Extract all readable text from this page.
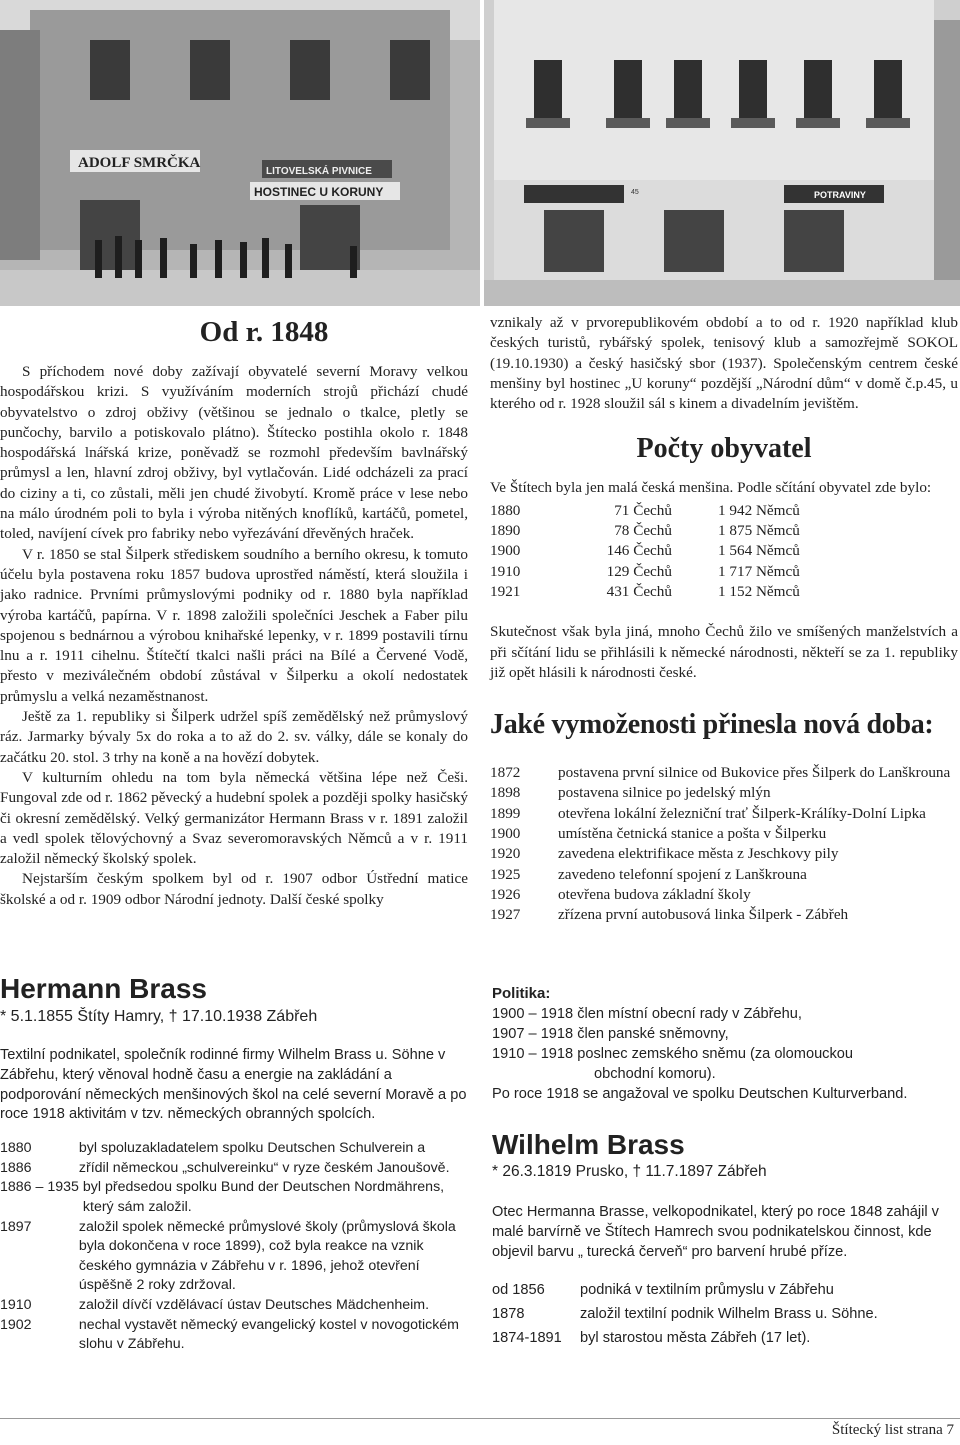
ADOLF SMRČKA
LITOVELSKÁ PIVNICE
HOSTINEC U KORUNY	POTRAVINY
45
Od r. 1848

S příchodem nové doby zažívají obyvatelé severní Moravy velkou hospodářskou krizi. S využíváním moderních strojů přichází chudé obyvatelstvo o zdroj obživy (většinou se jednalo o tkalce, pletly se punčochy, barvilo a potiskovalo plátno). Štítecko postihla okolo r. 1848 hospodářská lnářská krize, poněvadž se rozmohl především bavlnářský průmysl a len, hlavní zdroj obživy, byl vytlačován. Lidé odcházeli za prací do ciziny a ti, co zůstali, měli jen chudé živobytí. Kromě práce v lese nebo na málo úrodném poli to byla i výroba nitěných knoflíků, kartáčů, pometel, toled, navíjení cívek pro fabriky nebo vyřezávání dřevěných hraček.

V r. 1850 se stal Šilperk střediskem soudního a berního okresu, k tomuto účelu byla postavena roku 1857 budova uprostřed náměstí, která sloužila i jako radnice. Prvními průmyslovými podniky od r. 1880 byla například výroba kartáčů, papírna. V r. 1898 založili společníci Jeschek a Faber pilu spojenou s bednárnou a výrobou knihařské lepenky, v r. 1899 postavili tírnu lnu a r. 1911 cihelnu. Štítečtí tkalci našli práci na Bílé a Červené Vodě, přesto v meziválečném období zůstával v Šilperku a okolí nedostatek průmyslu a velká nezaměstnanost.

Ještě za 1. republiky si Šilperk udržel spíš zemědělský než průmyslový ráz. Jarmarky bývaly 5x do roka a to až do 2. sv. války, dále se konaly do začátku 20. stol. 3 trhy na koně a na hovězí dobytek.

V kulturním ohledu na tom byla německá většina lépe než Češi. Fungoval zde od r. 1862 pěvecký a hudební spolek a později spolky hasičský či okresní zemědělský. Velký germanizátor Hermann Brass v r. 1891 založil a vedl spolek tělovýchovný a Svaz severomoravských Němců a v r. 1911 založil německý školský spolek.

Nejstarším českým spolkem byl od r. 1907 odbor Ústřední matice školské a od r. 1909 odbor Národní jednoty. Další české spolky

vznikaly až v prvorepublikovém období a to od r. 1920 například klub českých turistů, rybářský spolek, tenisový klub a samozřejmě SOKOL (19.10.1930) a český hasičský sbor (1937). Společenským centrem české menšiny byl hostinec „U koruny“ pozdější „Národní dům“ v domě č.p.45, u kterého od r. 1928 sloužil sál s kinem a divadelním jevištěm.

Počty obyvatel

Ve Štítech byla jen malá česká menšina. Podle sčítání obyvatel zde bylo:

1880	71 Čechů	1 942 Němců
1890	78 Čechů	1 875 Němců
1900	146 Čechů	1 564 Němců
1910	129 Čechů	1 717 Němců
1921	431 Čechů	1 152 Němců

Skutečnost však byla jiná, mnoho Čechů žilo ve smíšených manželstvích a při sčítání lidu se přihlásili k německé národnosti, někteří se za 1. republiky již opět hlásili k národnosti české.

Jaké vymoženosti přinesla nová doba:
1872	postavena první silnice od Bukovice přes Šilperk do Lanškrouna
1898	postavena silnice po jedelský mlýn
1899	otevřena lokální železniční trať Šilperk-Králíky-Dolní Lipka
1900	umístěna četnická stanice a pošta v Šilperku
1920	zavedena elektrifikace města z Jeschkovy pily
1925	zavedeno telefonní spojení z Lanškrouna
1926	otevřena budova základní školy
1927	zřízena první autobusová linka Šilperk - Zábřeh
Hermann Brass
* 5.1.1855 Štíty Hamry, † 17.10.1938 Zábřeh

Textilní podnikatel, společník rodinné firmy Wilhelm Brass u. Söhne v Zábřehu, který věnoval hodně času a energie na zakládání a podporování německých menšinových škol na celé severní Moravě a po roce 1918 aktivitám v tzv. německých obranných spolcích.

1880	byl spoluzakladatelem spolku Deutschen Schulverein a
1886	zřídil německou „schulvereinku“ v ryze českém Janoušově.
1886 – 1935	byl předsedou spolku Bund der Deutschen Nordmährens, který sám založil.
1897	založil spolek německé průmyslové školy (průmyslová škola byla dokončena v roce 1899), což byla reakce na vznik českého gymnázia v Zábřehu v r. 1896, jehož otevření úspěšně 2 roky zdržoval.
1910	založil dívčí vzdělávací ústav Deutsches Mädchenheim.
1902	nechal vystavět německý evangelický kostel v novogotickém slohu v Zábřehu.
Politika:
1900 – 1918 člen místní obecní rady v Zábřehu,
1907 – 1918 člen panské sněmovny,
1910 – 1918 poslnec zemského sněmu (za olomouckou
obchodní komoru).
Po roce 1918 se angažoval ve spolku Deutschen Kulturverband.
Wilhelm Brass
* 26.3.1819 Prusko, † 11.7.1897 Zábřeh

Otec Hermanna Brasse, velkopodnikatel, který po roce 1848 zahájil v malé barvírně ve Štítech Hamrech svou podnikatelskou činnost, kde objevil barvu „ turecká červeň“ pro barvení hrubé příze.

od 1856	podniká v textilním průmyslu v Zábřehu
1878	založil textilní podnik Wilhelm Brass u. Söhne.
1874-1891	byl starostou města Zábřeh (17 let).
Štítecký list strana 7
